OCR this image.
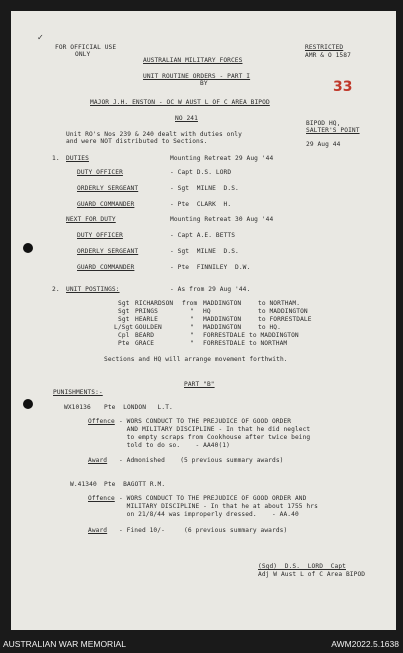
✓
33
FOR OFFICIAL USE
ONLY
AUSTRALIAN MILITARY FORCES
RESTRICTED
AMR & O 1587
UNIT ROUTINE ORDERS - PART I
BY
MAJOR J.H. ENSTON - OC W AUST L OF C AREA BIPOD
NO 241
BIPOD HQ,
SALTER'S POINT
29 Aug 44
Unit RO's Nos 239 & 240 dealt with duties only
and were NOT distributed to Sections.
1. DUTIES	Mounting Retreat 29 Aug '44
DUTY OFFICER	- Capt D.S. LORD
ORDERLY SERGEANT	- Sgt  MILNE  D.S.
GUARD COMMANDER	- Pte  CLARK  H.
NEXT FOR DUTY	Mounting Retreat 30 Aug '44
DUTY OFFICER	- Capt A.E. BETTS
ORDERLY SERGEANT	- Sgt  MILNE  D.S.
GUARD COMMANDER	- Pte  FINNILEY  D.W.
2. UNIT POSTINGS:	- As from 29 Aug '44.
Sgt RICHARDSON from MADDINGTON	to NORTHAM.
Sgt PRINGS	" HQ	to MADDINGTON
Sgt HEARLE	" MADDINGTON	to FORRESTDALE
L/Sgt GOULDEN	" MADDINGTON	to HQ.
Cpl BEARD	" FORRESTDALE to MADDINGTON
Pte GRACE	" FORRESTDALE to NORTHAM
Sections and HQ will arrange movement forthwith.
PART "B"
PUNISHMENTS:-
WX10136 Pte  LONDON   L.T.
Offence - WORS CONDUCT TO THE PREJUDICE OF GOOD ORDER
AND MILITARY DISCIPLINE - In that he did neglect
to empty scraps from Cookhouse after twice being
told to do so.    - AA40(1)
Award - Admonished    (5 previous summary awards)
W.41340 Pte  BAGOTT R.M.
Offence - WORS CONDUCT TO THE PREJUDICE OF GOOD ORDER AND
MILITARY DISCIPLINE - In that he at about 1755 hrs
on 21/8/44 was improperly dressed.    - AA.40
Award - Fined 10/-     (6 previous summary awards)
(Sgd)  D.S.  LORD  Capt
Adj W Aust L of C Area BIPOD
AUSTRALIAN WAR MEMORIAL	AWM2022.5.1638
